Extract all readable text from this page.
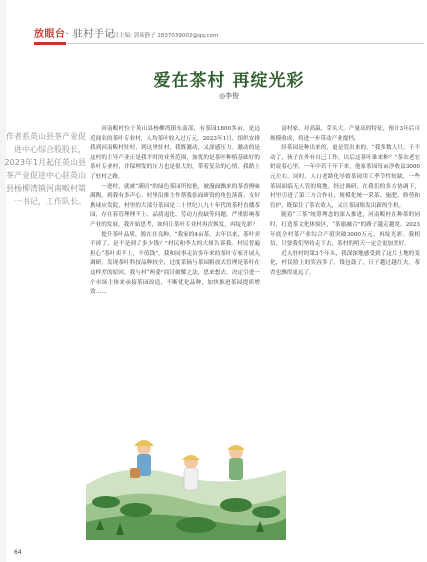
放眼台· 驻村手记
栏目主编: 郭茹静子 2837039002@qq.com
爱在茶村 再绽光彩
◎李俊
作者系英山县茶产业促进中心综合股股长，2023年1月起任英山县茶产业促进中心驻英山县杨柳湾镇河南畈村第一书记，工作队长。

河南畈村位于英山县杨柳湾镇东南部，有茶园1800多亩，是远近闻名的茶叶专业村，人均茶叶收入过万元。2023年1月，组织安排我到河南畈村驻村，到这里驻村，我既激动，又深感压力。激动的是这村的主导产业正是我平时的业务范围，加优的是茶叶种植基础好的茶叶专业村，并保理发的压力也是很大的，带着复杂的心情，我踏上了驻村之路。

一进村，就被“满居”的绿色茶园所惊艳，被漫面飘来的茶香撩味满陶，到我有多声心。村里沿推主作帮我张面研资的角色落落。支好携球应发院，村里的大部分茶园是二十世纪八九十年代的茶籽直播茶园，存在着管理理不上、品质退化、劳动力投缺等问题，严重影响茶产业的发展。我开始思考，如何让茶叶专业村再次焕发，再绽光彩？

提升茶叶品质，源在在良种。“我家的4亩茶，去年以来，茶叶卖不掉了，是不是到了多少钱？”村民和李大的大姐告诉我。村民普遍担心“茶叶卖不上，不值钱”，我和同事走访多年来的茶叶专家开展入调研，发现茶叶科技品种较全，过度采摘与茶园粗放式管理是茶叶在这样差的原因。我与村“两委”商讨破解之法，思来想去，决定引进一个市场主体来承接茶园改造，不断优化品种，加快推进茶园提质增效……

富村家、对高温，芽头大，产量高的特征，预计3年后可规模收成，将进一步带动产业提档。

经茶园是种出来的，更是管出来的。“我多数人只，千不动了，孩子在外有自己工作，以后这茶叶谁来种？”茶农老宏奶说着心里。一年中若干年下来，他家茶园每亩净收益3000元左右。同时，人口老龄化导致茶园用工季节性短缺，一些茶园面临无人管的境地。经过调研，在我们的多方协调下，村里引进了第三方合作社，规模化统一采茶、施肥、修剪和管护，既保住了茶农收入，又让茶园焕发出新的生机。

随着“三茶”统筹理念的深入推进，河南畈村在种茶的同时，打造茶文化体验区，“茶旅融合”的路子越走越宽。2023年底全村茶产业综合产值突破3000万元，再绽光彩。我相信，只要我们坚持走下去，茶村的明天一定会更加美好。

近入驻村的第3个年头，我深深地感受到了这片土地的变化，村民脸上的笑容多了，钱包鼓了，日子越过越红火，茶香也飘得更远了。

64
